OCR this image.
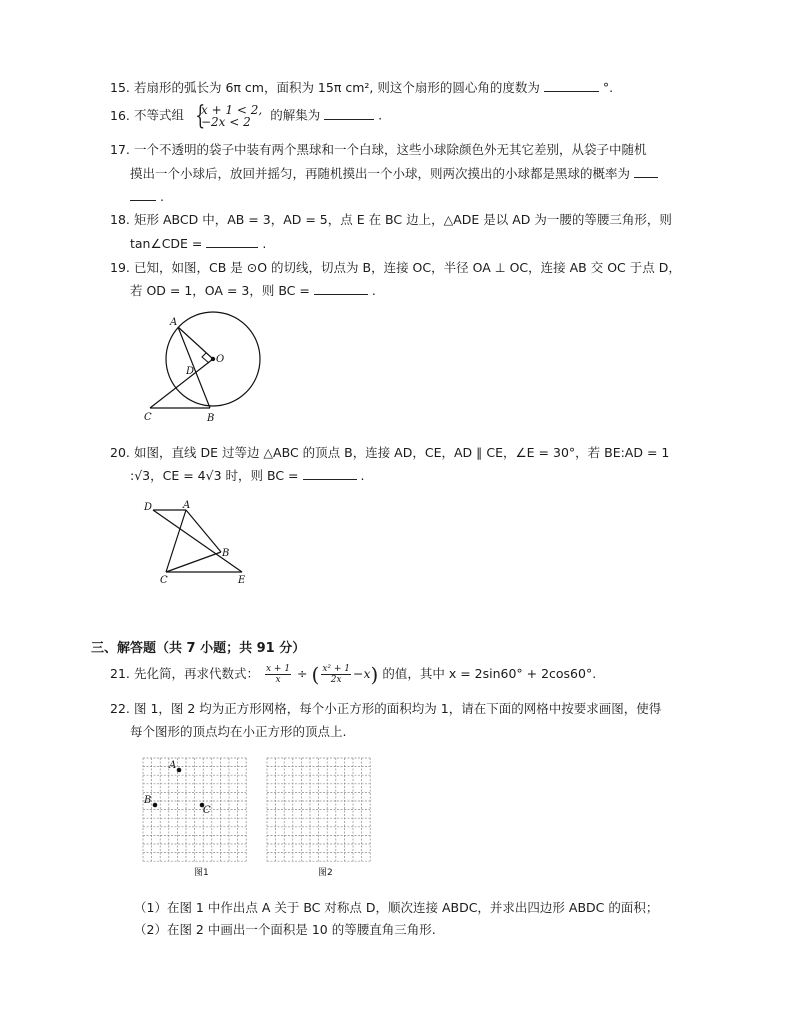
15. 若扇形的弧长为 6π cm，面积为 15π cm², 则这个扇形的圆心角的度数为	°.
16. 不等式组 {
x + 1 < 2,
−2x < 2	的解集为	.
17. 一个不透明的袋子中装有两个黑球和一个白球，这些小球除颜色外无其它差别，从袋子中随机
摸出一个小球后，放回并摇匀，再随机摸出一个小球，则两次摸出的小球都是黑球的概率为
.
18. 矩形 ABCD 中，AB = 3，AD = 5，点 E 在 BC 边上，△ADE 是以 AD 为一腰的等腰三角形，则
tan∠CDE =	.
19. 已知，如图，CB 是 ⊙O 的切线，切点为 B，连接 OC，半径 OA ⊥ OC，连接 AB 交 OC 于点 D，
若 OD = 1，OA = 3，则 BC =	.
A
O
D
C	B
20. 如图，直线 DE 过等边 △ABC 的顶点 B，连接 AD，CE，AD ∥ CE，∠E = 30°，若 BE:AD = 1
:√3，CE = 4√3 时，则 BC =	.
D	A
B
C	E
三、解答题（共 7 小题；共 91 分）
21. 先化简，再求代数式： $\frac{x + 1}{x}$ ÷ ( $\frac{\text{x² + 1}}{2x} -x$) 的值，其中 x = 2sin60° + 2cos60°.
22. 图 1，图 2 均为正方形网格，每个小正方形的面积均为 1，请在下面的网格中按要求画图，使得
每个图形的顶点均在小正方形的顶点上.
A
B
C
图1	图2
（1）在图 1 中作出点 A 关于 BC 对称点 D，顺次连接 ABDC，并求出四边形 ABDC 的面积；
（2）在图 2 中画出一个面积是 10 的等腰直角三角形.
